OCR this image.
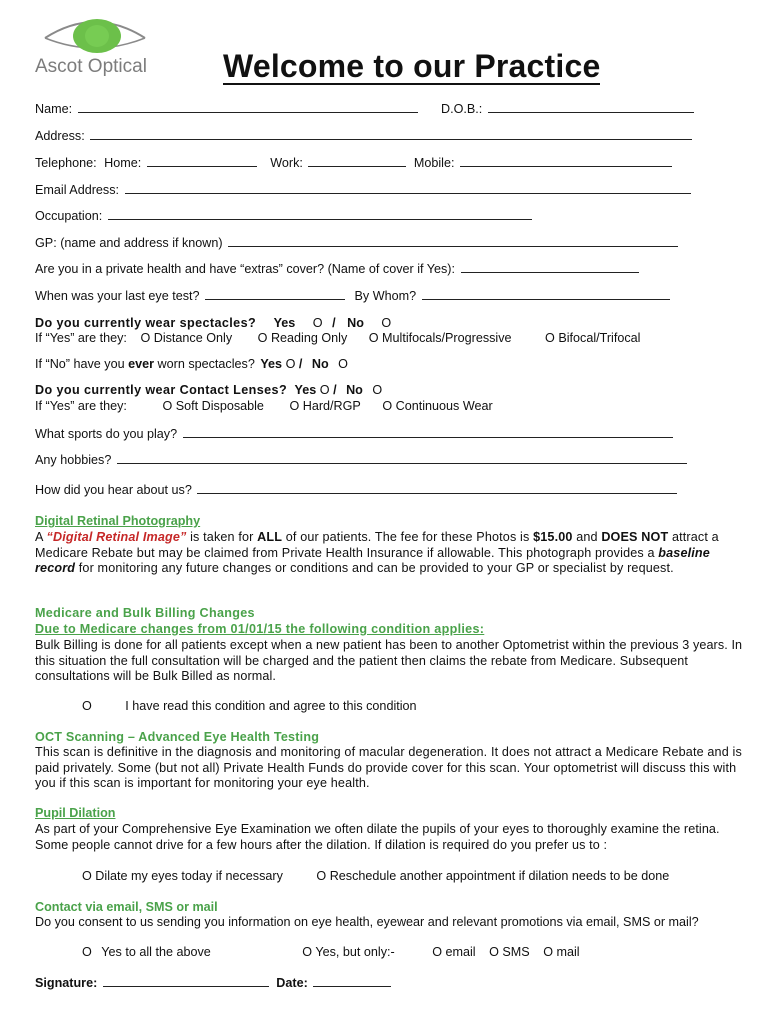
Ascot Optical Welcome to our Practice
Name:	D.O.B.:
Address:
Telephone: Home:	Work:	Mobile:
Email Address:
Occupation:
GP: (name and address if known)
Are you in a private health and have “extras” cover? (Name of cover if Yes):
When was your last eye test?	By Whom?
Do you currently wear spectacles? Yes O / No O
If “Yes” are they: O Distance Only O Reading Only O Multifocals/Progressive	O Bifocal/Trifocal
If “No” have you ever worn spectacles? Yes O / No O
Do you currently wear Contact Lenses? Yes O / No O
If “Yes” are they:	O Soft Disposable O Hard/RGP O Continuous Wear
What sports do you play?
Any hobbies?
How did you hear about us?
Digital Retinal Photography
A “Digital Retinal Image” is taken for ALL of our patients. The fee for these Photos is $15.00 and DOES NOT attract a Medicare Rebate but may be claimed from Private Health Insurance if allowable. This photograph provides a baseline record for monitoring any future changes or conditions and can be provided to your GP or specialist by request.
Medicare and Bulk Billing Changes
Due to Medicare changes from 01/01/15 the following condition applies:
Bulk Billing is done for all patients except when a new patient has been to another Optometrist within the previous 3 years. In this situation the full consultation will be charged and the patient then claims the rebate from Medicare. Subsequent consultations will be Bulk Billed as normal.
O	I have read this condition and agree to this condition
OCT Scanning – Advanced Eye Health Testing
This scan is definitive in the diagnosis and monitoring of macular degeneration. It does not attract a Medicare Rebate and is paid privately. Some (but not all) Private Health Funds do provide cover for this scan. Your optometrist will discuss this with you if this scan is important for monitoring your eye health.
Pupil Dilation
As part of your Comprehensive Eye Examination we often dilate the pupils of your eyes to thoroughly examine the retina. Some people cannot drive for a few hours after the dilation. If dilation is required do you prefer us to :
O Dilate my eyes today if necessary	O Reschedule another appointment if dilation needs to be done
Contact via email, SMS or mail
Do you consent to us sending you information on eye health, eyewear and relevant promotions via email, SMS or mail?
O Yes to all the above	O Yes, but only:-	O email O SMS O mail
Signature:	Date:
